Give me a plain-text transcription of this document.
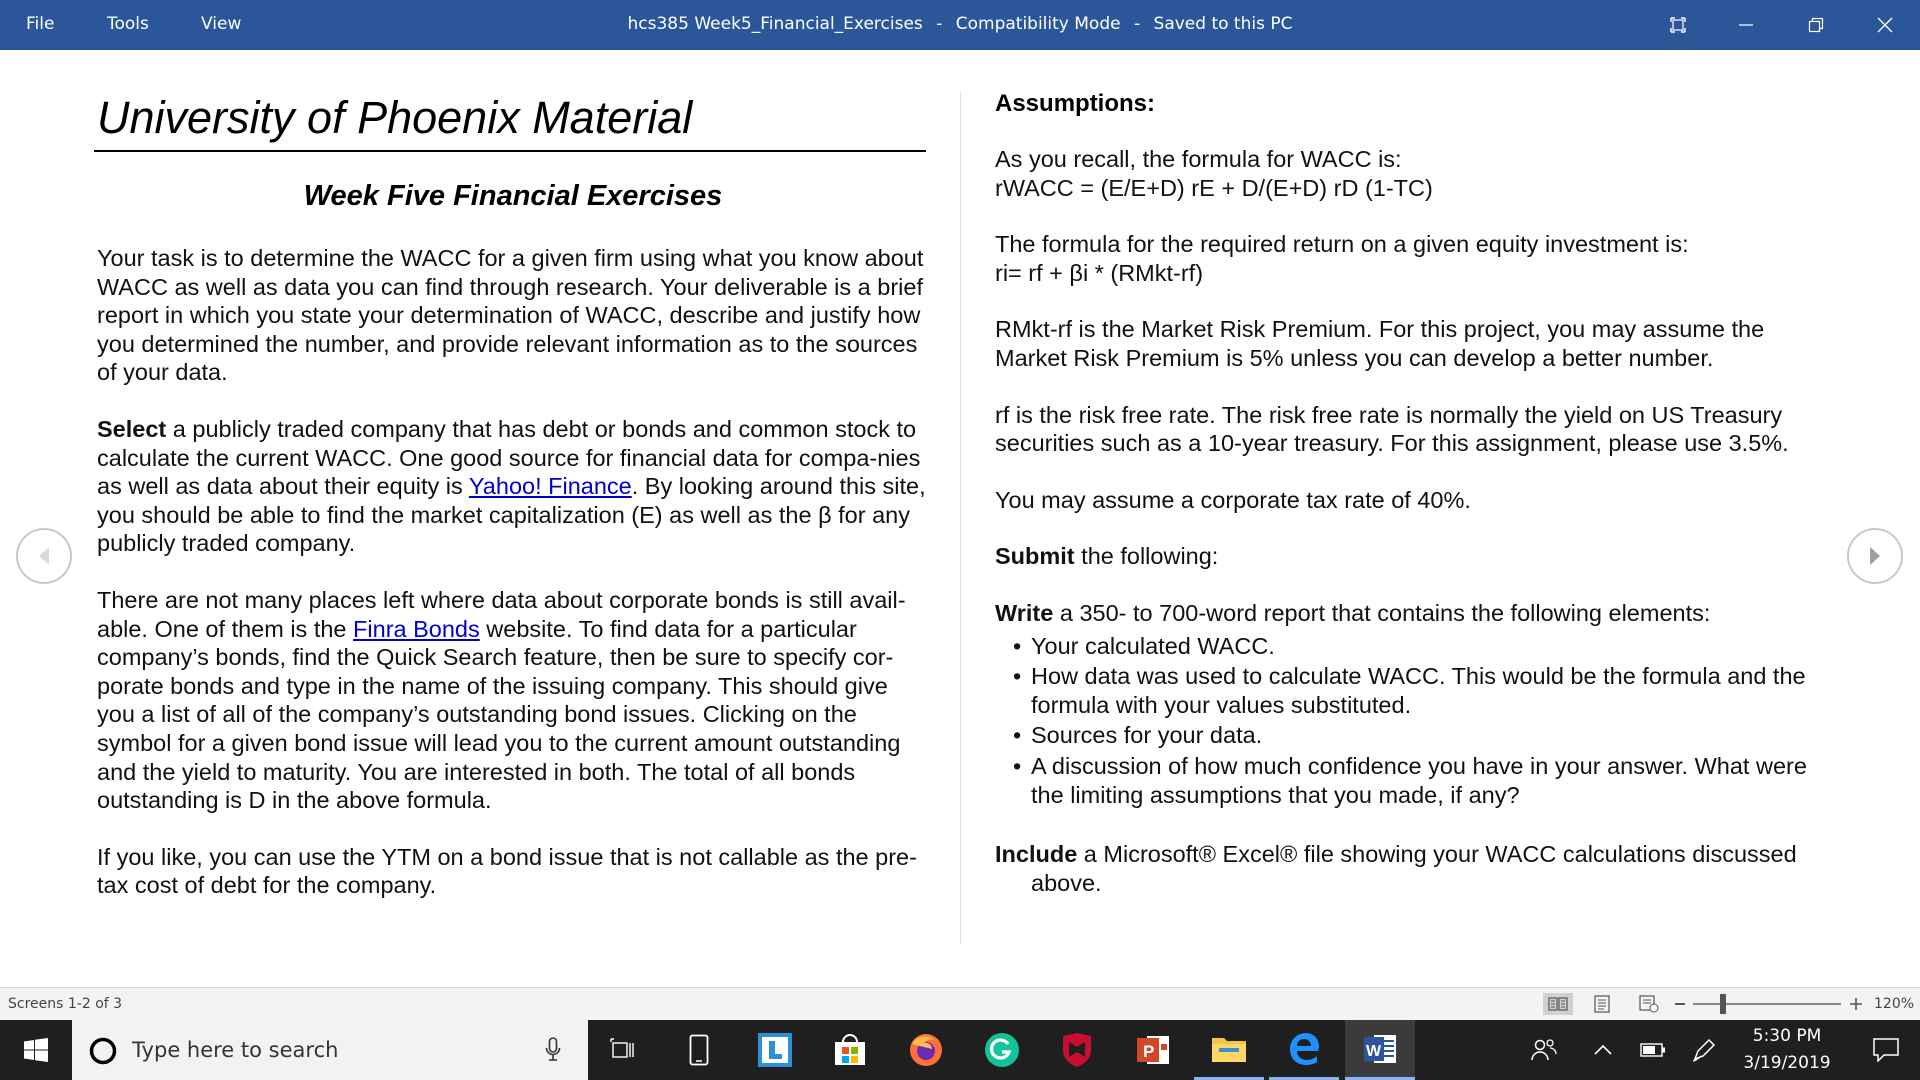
File	Tools	View	hcs385 Week5_Financial_Exercises - Compatibility Mode - Saved to this PC
University of Phoenix Material
Week Five Financial Exercises

Your task is to determine the WACC for a given firm using what you know about WACC as well as data you can find through research. Your deliverable is a brief report in which you state your determination of WACC, describe and justify how you determined the number, and provide relevant information as to the sources of your data.

Select a publicly traded company that has debt or bonds and common stock to calculate the current WACC. One good source for financial data for compa-nies as well as data about their equity is Yahoo! Finance. By looking around this site, you should be able to find the market capitalization (E) as well as the β for any publicly traded company.

There are not many places left where data about corporate bonds is still avail-able. One of them is the Finra Bonds website. To find data for a particular company’s bonds, find the Quick Search feature, then be sure to specify cor-porate bonds and type in the name of the issuing company. This should give you a list of all of the company’s outstanding bond issues. Clicking on the symbol for a given bond issue will lead you to the current amount outstanding and the yield to maturity. You are interested in both. The total of all bonds outstanding is D in the above formula.

If you like, you can use the YTM on a bond issue that is not callable as the pre-tax cost of debt for the company.

Assumptions:

As you recall, the formula for WACC is:
rWACC = (E/E+D) rE + D/(E+D) rD (1-TC)

The formula for the required return on a given equity investment is:
ri= rf + βi * (RMkt-rf)

RMkt-rf is the Market Risk Premium. For this project, you may assume the Market Risk Premium is 5% unless you can develop a better number.

rf is the risk free rate. The risk free rate is normally the yield on US Treasury securities such as a 10-year treasury. For this assignment, please use 3.5%.

You may assume a corporate tax rate of 40%.

Submit the following:

Write a 350- to 700-word report that contains the following elements:

• Your calculated WACC.
• How data was used to calculate WACC. This would be the formula and the formula with your values substituted.
• Sources for your data.
• A discussion of how much confidence you have in your answer. What were the limiting assumptions that you made, if any?

Include a Microsoft® Excel® file showing your WACC calculations discussed above.

Screens 1-2 of 3	120%
Type here to search	P	W
5:30 PM
3/19/2019
